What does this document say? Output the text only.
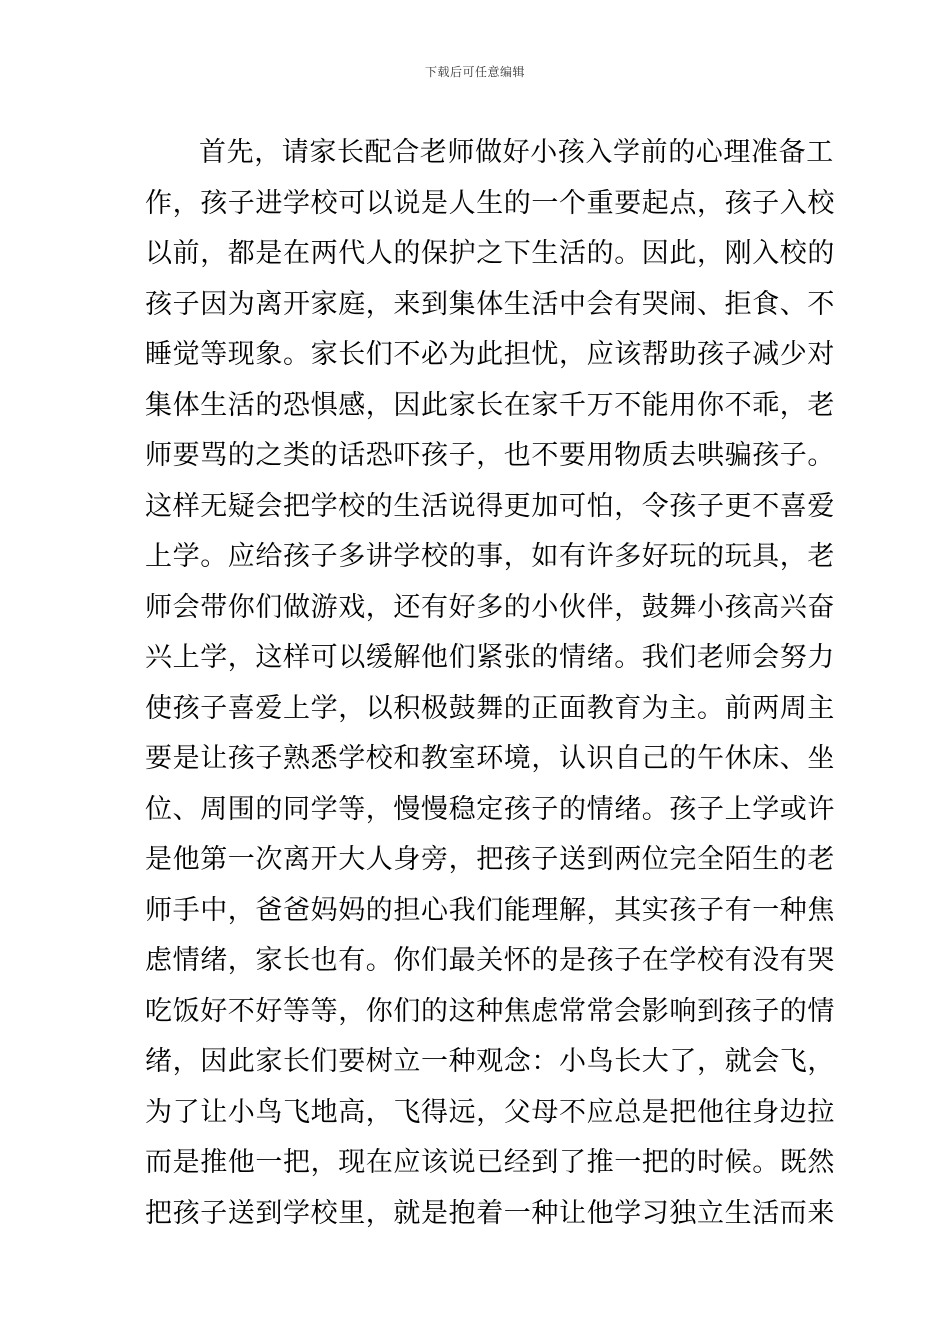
下载后可任意编辑
首先，请家长配合老师做好小孩入学前的心理准备工
作，孩子进学校可以说是人生的一个重要起点，孩子入校
以前，都是在两代人的保护之下生活的。因此，刚入校的
孩子因为离开家庭，来到集体生活中会有哭闹、拒食、不
睡觉等现象。家长们不必为此担忧，应该帮助孩子减少对
集体生活的恐惧感，因此家长在家千万不能用你不乖，老
师要骂的之类的话恐吓孩子，也不要用物质去哄骗孩子。
这样无疑会把学校的生活说得更加可怕，令孩子更不喜爱
上学。应给孩子多讲学校的事，如有许多好玩的玩具，老
师会带你们做游戏，还有好多的小伙伴，鼓舞小孩高兴奋
兴上学，这样可以缓解他们紧张的情绪。我们老师会努力
使孩子喜爱上学，以积极鼓舞的正面教育为主。前两周主
要是让孩子熟悉学校和教室环境，认识自己的午休床、坐
位、周围的同学等，慢慢稳定孩子的情绪。孩子上学或许
是他第一次离开大人身旁，把孩子送到两位完全陌生的老
师手中，爸爸妈妈的担心我们能理解，其实孩子有一种焦
虑情绪，家长也有。你们最关怀的是孩子在学校有没有哭
吃饭好不好等等，你们的这种焦虑常常会影响到孩子的情
绪，因此家长们要树立一种观念：小鸟长大了，就会飞，
为了让小鸟飞地高，飞得远，父母不应总是把他往身边拉
而是推他一把，现在应该说已经到了推一把的时候。既然
把孩子送到学校里，就是抱着一种让他学习独立生活而来
